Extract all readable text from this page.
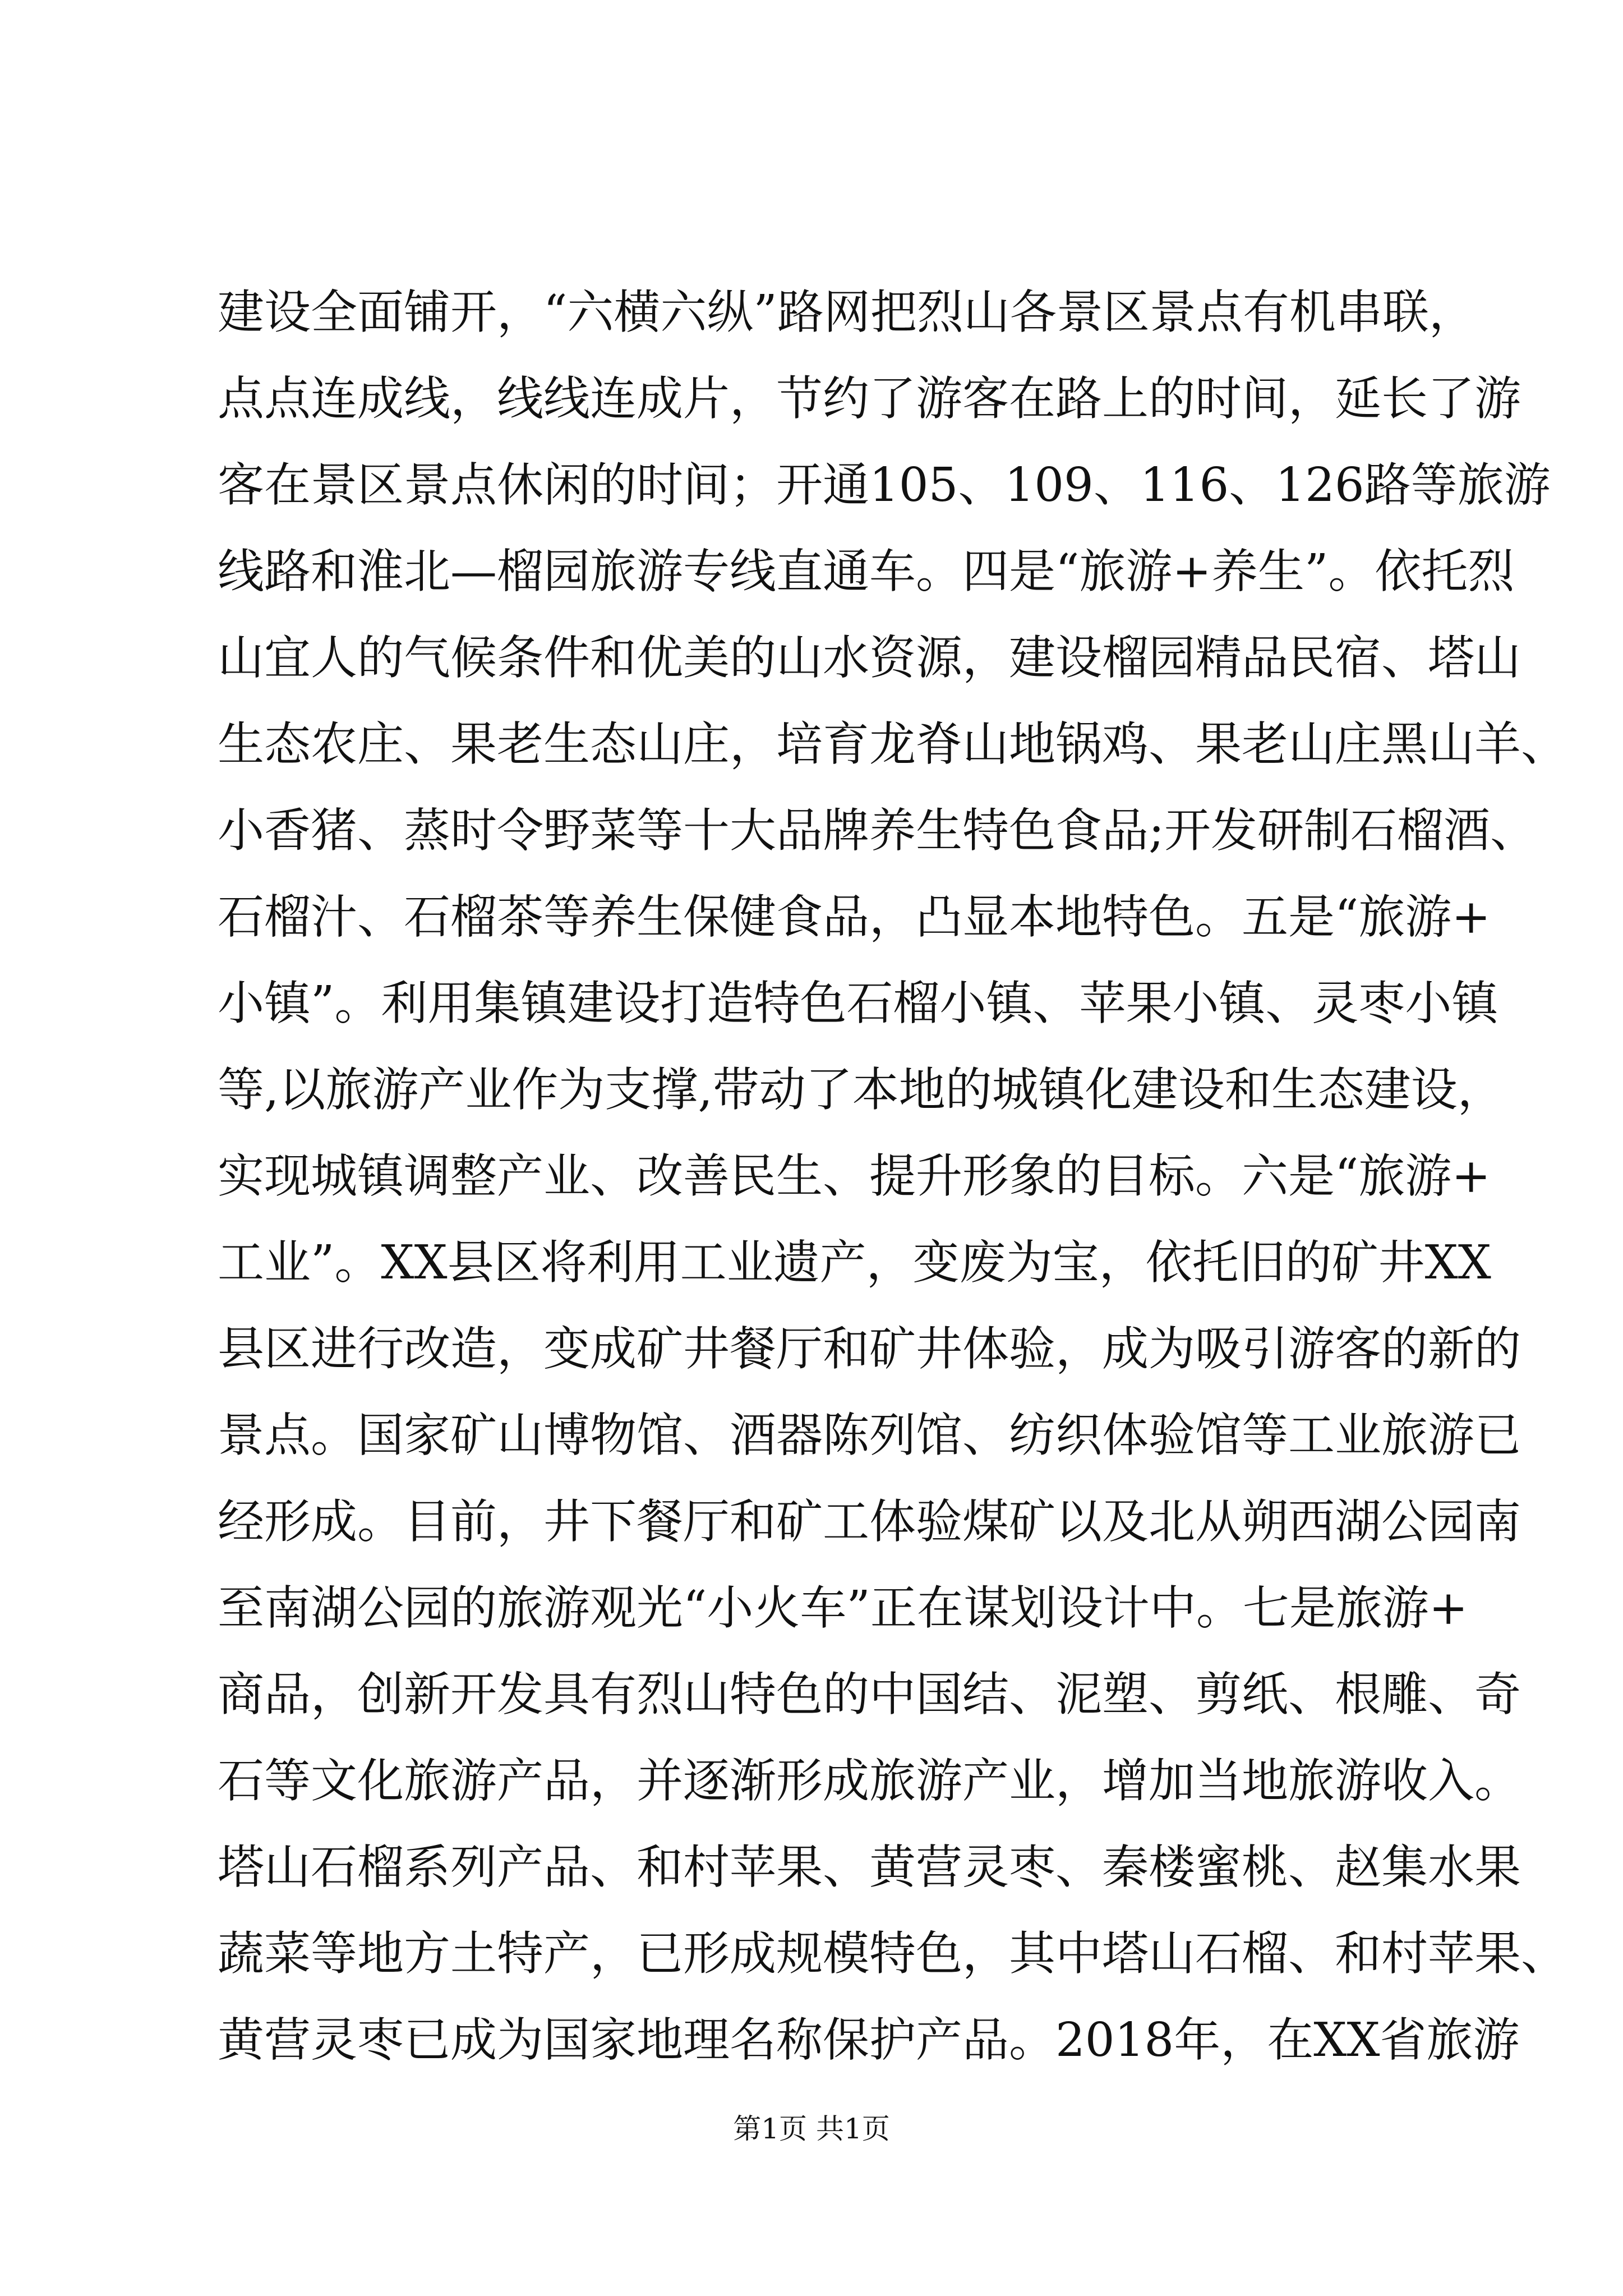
建设全面铺开，“六横六纵”路网把烈山各景区景点有机串联，
点点连成线，线线连成片，节约了游客在路上的时间，延长了游
客在景区景点休闲的时间；开通105、109、116、126路等旅游
线路和淮北—榴园旅游专线直通车。四是“旅游+养生”。依托烈
山宜人的气候条件和优美的山水资源，建设榴园精品民宿、塔山
生态农庄、果老生态山庄，培育龙脊山地锅鸡、果老山庄黑山羊、
小香猪、蒸时令野菜等十大品牌养生特色食品;开发研制石榴酒、
石榴汁、石榴茶等养生保健食品，凸显本地特色。五是“旅游+
小镇”。利用集镇建设打造特色石榴小镇、苹果小镇、灵枣小镇
等,以旅游产业作为支撑,带动了本地的城镇化建设和生态建设，
实现城镇调整产业、改善民生、提升形象的目标。六是“旅游+
工业”。XX县区将利用工业遗产，变废为宝，依托旧的矿井XX
县区进行改造，变成矿井餐厅和矿井体验，成为吸引游客的新的
景点。国家矿山博物馆、酒器陈列馆、纺织体验馆等工业旅游已
经形成。目前，井下餐厅和矿工体验煤矿以及北从朔西湖公园南
至南湖公园的旅游观光“小火车”正在谋划设计中。七是旅游+
商品，创新开发具有烈山特色的中国结、泥塑、剪纸、根雕、奇
石等文化旅游产品，并逐渐形成旅游产业，增加当地旅游收入。
塔山石榴系列产品、和村苹果、黄营灵枣、秦楼蜜桃、赵集水果
蔬菜等地方土特产，已形成规模特色，其中塔山石榴、和村苹果、
黄营灵枣已成为国家地理名称保护产品。2018年，在XX省旅游
第1页 共1页
